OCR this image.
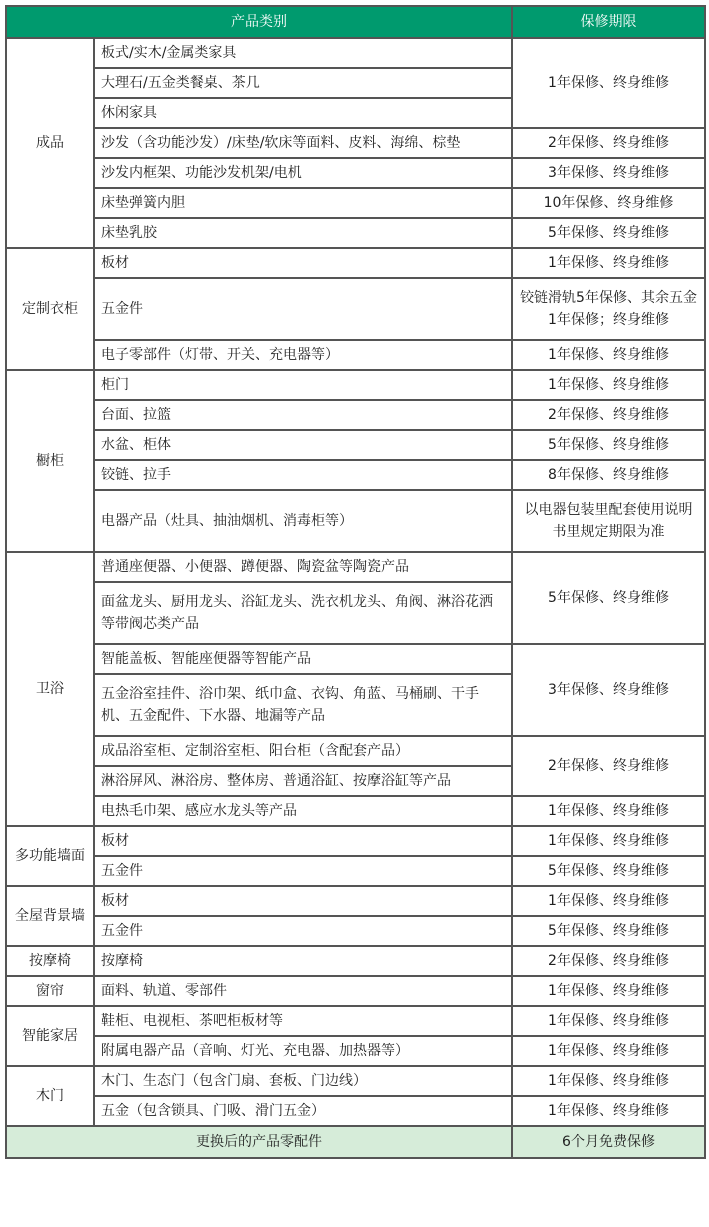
产品类别		保修期限
成品	板式/实木/金属类家具	1年保修、终身维修
	大理石/五金类餐桌、茶几	
	休闲家具	
	沙发（含功能沙发）/床垫/软床等面料、皮料、海绵、棕垫	2年保修、终身维修
	沙发内框架、功能沙发机架/电机	3年保修、终身维修
	床垫弹簧内胆	10年保修、终身维修
	床垫乳胶	5年保修、终身维修
定制衣柜	板材	1年保修、终身维修
	五金件	铰链滑轨5年保修、其余五金1年保修；终身维修
	电子零部件（灯带、开关、充电器等）	1年保修、终身维修
橱柜	柜门	1年保修、终身维修
	台面、拉篮	2年保修、终身维修
	水盆、柜体	5年保修、终身维修
	铰链、拉手	8年保修、终身维修
	电器产品（灶具、抽油烟机、消毒柜等）	以电器包装里配套使用说明书里规定期限为准
卫浴	普通座便器、小便器、蹲便器、陶瓷盆等陶瓷产品	5年保修、终身维修
	面盆龙头、厨用龙头、浴缸龙头、洗衣机龙头、角阀、淋浴花洒等带阀芯类产品	
	智能盖板、智能座便器等智能产品	3年保修、终身维修
	五金浴室挂件、浴巾架、纸巾盒、衣钩、角蓝、马桶刷、干手机、五金配件、下水器、地漏等产品	
	成品浴室柜、定制浴室柜、阳台柜（含配套产品）	2年保修、终身维修
	淋浴屏风、淋浴房、整体房、普通浴缸、按摩浴缸等产品	
	电热毛巾架、感应水龙头等产品	1年保修、终身维修
多功能墙面	板材	1年保修、终身维修
	五金件	5年保修、终身维修
全屋背景墙	板材	1年保修、终身维修
	五金件	5年保修、终身维修
按摩椅	按摩椅	2年保修、终身维修
窗帘	面料、轨道、零部件	1年保修、终身维修
智能家居	鞋柜、电视柜、茶吧柜板材等	1年保修、终身维修
	附属电器产品（音响、灯光、充电器、加热器等）	1年保修、终身维修
木门	木门、生态门（包含门扇、套板、门边线）	1年保修、终身维修
	五金（包含锁具、门吸、滑门五金）	1年保修、终身维修
更换后的产品零配件		6个月免费保修
